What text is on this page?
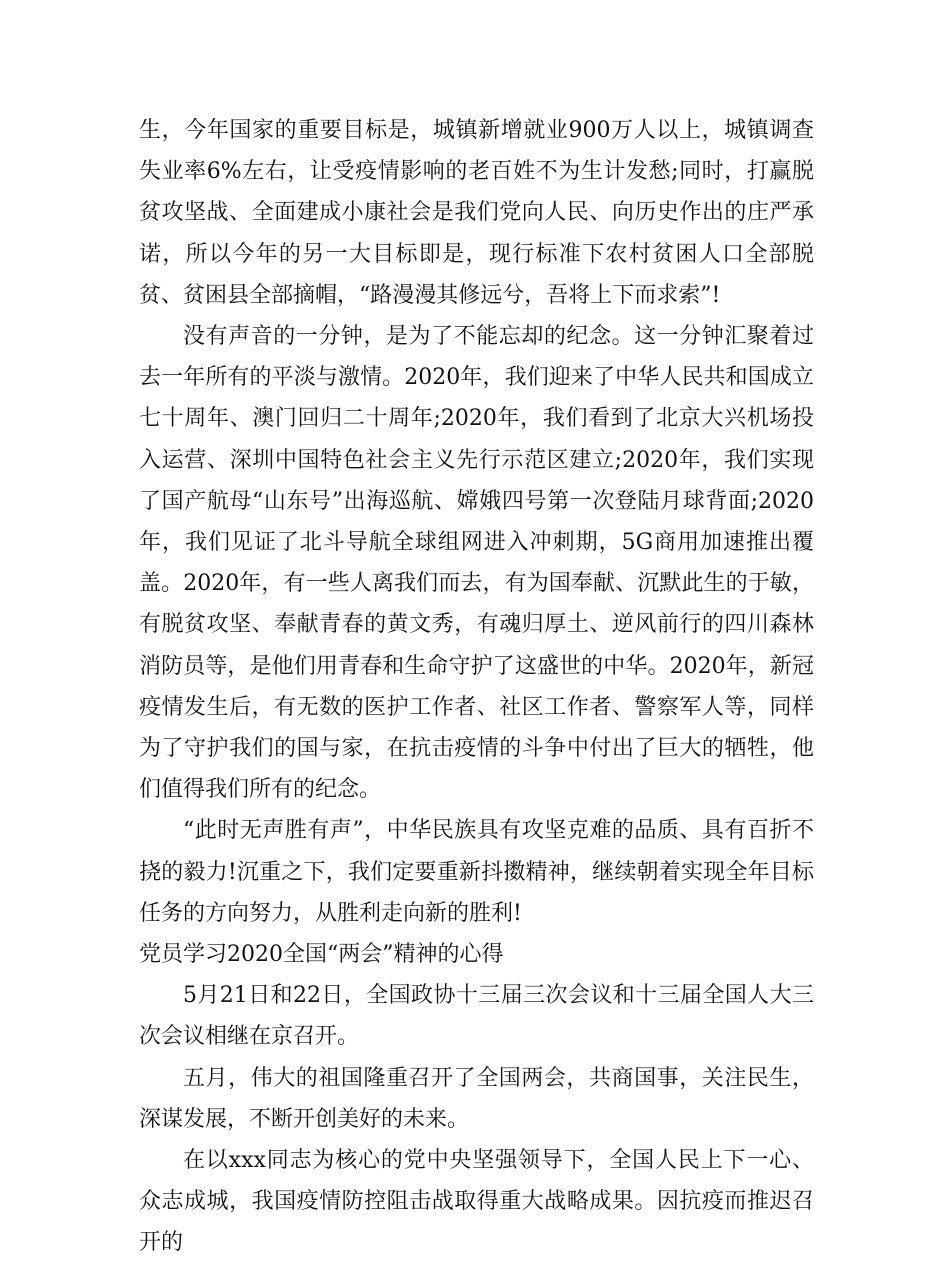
生，今年国家的重要目标是，城镇新增就业900万人以上，城镇调查失业率6%左右，让受疫情影响的老百姓不为生计发愁;同时，打赢脱贫攻坚战、全面建成小康社会是我们党向人民、向历史作出的庄严承诺，所以今年的另一大目标即是，现行标准下农村贫困人口全部脱贫、贫困县全部摘帽，“路漫漫其修远兮，吾将上下而求索”!

没有声音的一分钟，是为了不能忘却的纪念。这一分钟汇聚着过去一年所有的平淡与激情。2020年，我们迎来了中华人民共和国成立七十周年、澳门回归二十周年;2020年，我们看到了北京大兴机场投入运营、深圳中国特色社会主义先行示范区建立;2020年，我们实现了国产航母“山东号”出海巡航、嫦娥四号第一次登陆月球背面;2020年，我们见证了北斗导航全球组网进入冲刺期，5G商用加速推出覆盖。2020年，有一些人离我们而去，有为国奉献、沉默此生的于敏，有脱贫攻坚、奉献青春的黄文秀，有魂归厚土、逆风前行的四川森林消防员等，是他们用青春和生命守护了这盛世的中华。2020年，新冠疫情发生后，有无数的医护工作者、社区工作者、警察军人等，同样为了守护我们的国与家，在抗击疫情的斗争中付出了巨大的牺牲，他们值得我们所有的纪念。

“此时无声胜有声”，中华民族具有攻坚克难的品质、具有百折不挠的毅力!沉重之下，我们定要重新抖擞精神，继续朝着实现全年目标任务的方向努力，从胜利走向新的胜利!

党员学习2020全国“两会”精神的心得

5月21日和22日，全国政协十三届三次会议和十三届全国人大三次会议相继在京召开。

五月，伟大的祖国隆重召开了全国两会，共商国事，关注民生，深谋发展，不断开创美好的未来。

在以xxx同志为核心的党中央坚强领导下，全国人民上下一心、众志成城，我国疫情防控阻击战取得重大战略成果。因抗疫而推迟召开的
